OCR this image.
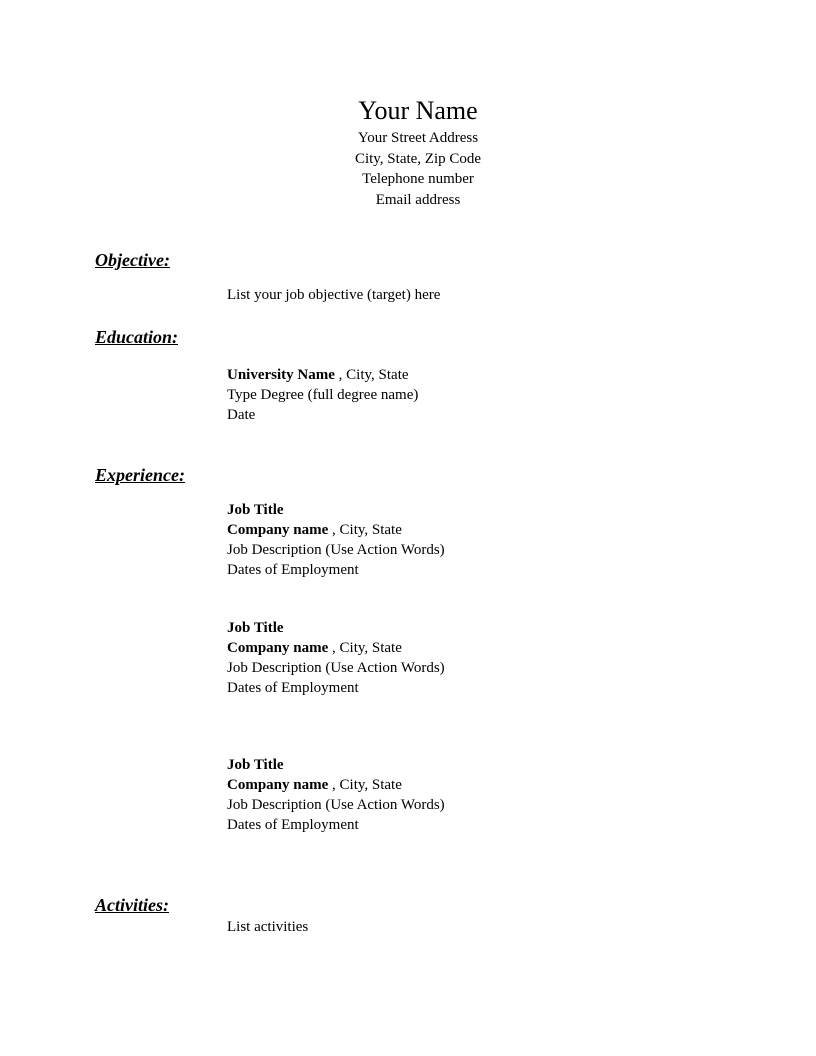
Your Name

Your Street Address

City, State, Zip Code

Telephone number

Email address

Objective:
List your job objective (target) here
Education:
University Name , City, State
Type Degree (full degree name)
Date
Experience:
Job Title
Company name , City, State
Job Description (Use Action Words)
Dates of Employment
Job Title
Company name , City, State
Job Description (Use Action Words)
Dates of Employment
Job Title
Company name , City, State
Job Description (Use Action Words)
Dates of Employment
Activities:
List activities
